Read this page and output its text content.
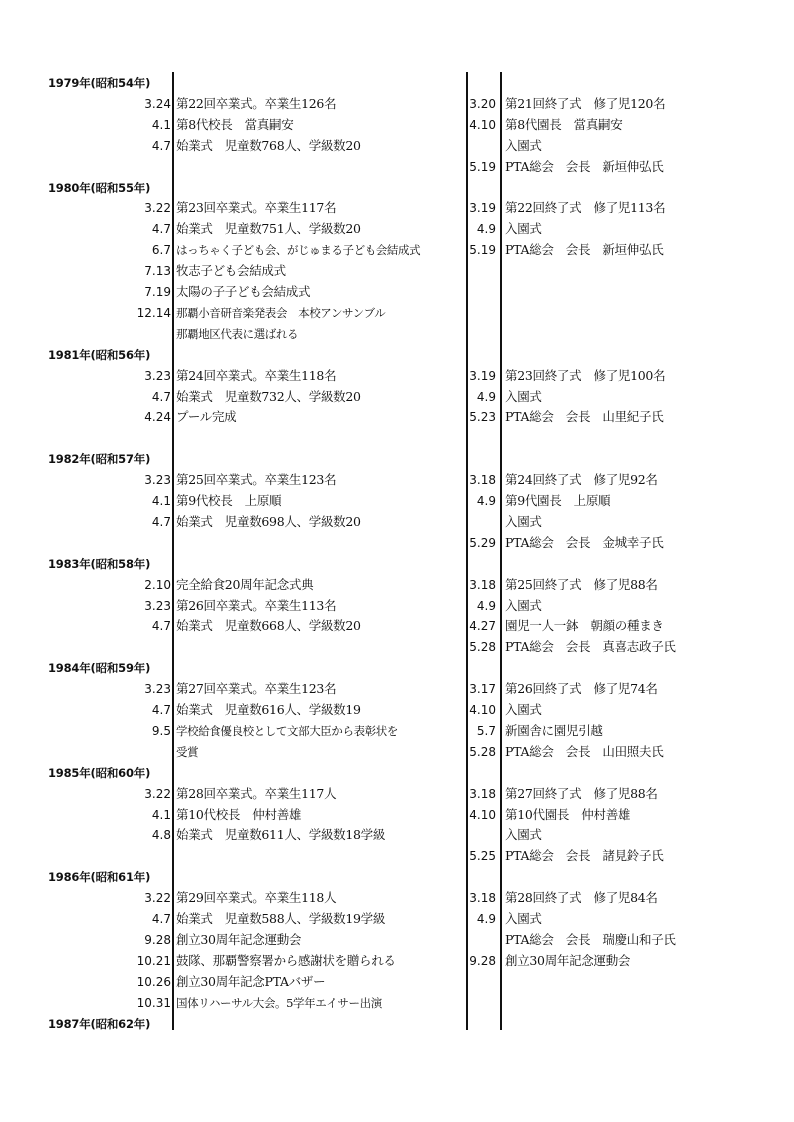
1979年(昭和54年)
1980年(昭和55年)
1981年(昭和56年)
1982年(昭和57年)
1983年(昭和58年)
1984年(昭和59年)
1985年(昭和60年)
1986年(昭和61年)
1987年(昭和62年)
3.24 第22回卒業式。卒業生126名
4.1 第8代校長　當真嗣安
4.7 始業式　児童数768人、学級数20
3.22 第23回卒業式。卒業生117名
4.7 始業式　児童数751人、学級数20
6.7 はっちゃく子ども会、がじゅまる子ども会結成式
7.13 牧志子ども会結成式
7.19 太陽の子子ども会結成式
12.14 那覇小音研音楽発表会　本校アンサンブル
那覇地区代表に選ばれる
3.23 第24回卒業式。卒業生118名
4.7 始業式　児童数732人、学級数20
4.24 プール完成
3.23 第25回卒業式。卒業生123名
4.1 第9代校長　上原順
4.7 始業式　児童数698人、学級数20
2.10 完全給食20周年記念式典
3.23 第26回卒業式。卒業生113名
4.7 始業式　児童数668人、学級数20
3.23 第27回卒業式。卒業生123名
4.7 始業式　児童数616人、学級数19
9.5 学校給食優良校として文部大臣から表彰状を
受賞
3.22 第28回卒業式。卒業生117人
4.1 第10代校長　仲村善雄
4.8 始業式　児童数611人、学級数18学級
3.22 第29回卒業式。卒業生118人
4.7 始業式　児童数588人、学級数19学級
9.28 創立30周年記念運動会
10.21 鼓隊、那覇警察署から感謝状を贈られる
10.26 創立30周年記念PTAバザー
10.31 国体リハーサル大会。5学年エイサー出演
3.20 第21回終了式　修了児120名
4.10 第8代園長　當真嗣安
入園式
5.19 PTA総会　会長　新垣伸弘氏
3.19 第22回終了式　修了児113名
4.9 入園式
5.19 PTA総会　会長　新垣伸弘氏
3.19 第23回終了式　修了児100名
4.9 入園式
5.23 PTA総会　会長　山里紀子氏
3.18 第24回終了式　修了児92名
4.9 第9代園長　上原順
入園式
5.29 PTA総会　会長　金城幸子氏
3.18 第25回終了式　修了児88名
4.9 入園式
4.27 園児一人一鉢　朝顔の種まき
5.28 PTA総会　会長　真喜志政子氏
3.17 第26回終了式　修了児74名
4.10 入園式
5.7 新園舎に園児引越
5.28 PTA総会　会長　山田照夫氏
3.18 第27回終了式　修了児88名
4.10 第10代園長　仲村善雄
入園式
5.25 PTA総会　会長　諸見鈴子氏
3.18 第28回終了式　修了児84名
4.9 入園式
PTA総会　会長　瑞慶山和子氏
9.28 創立30周年記念運動会
